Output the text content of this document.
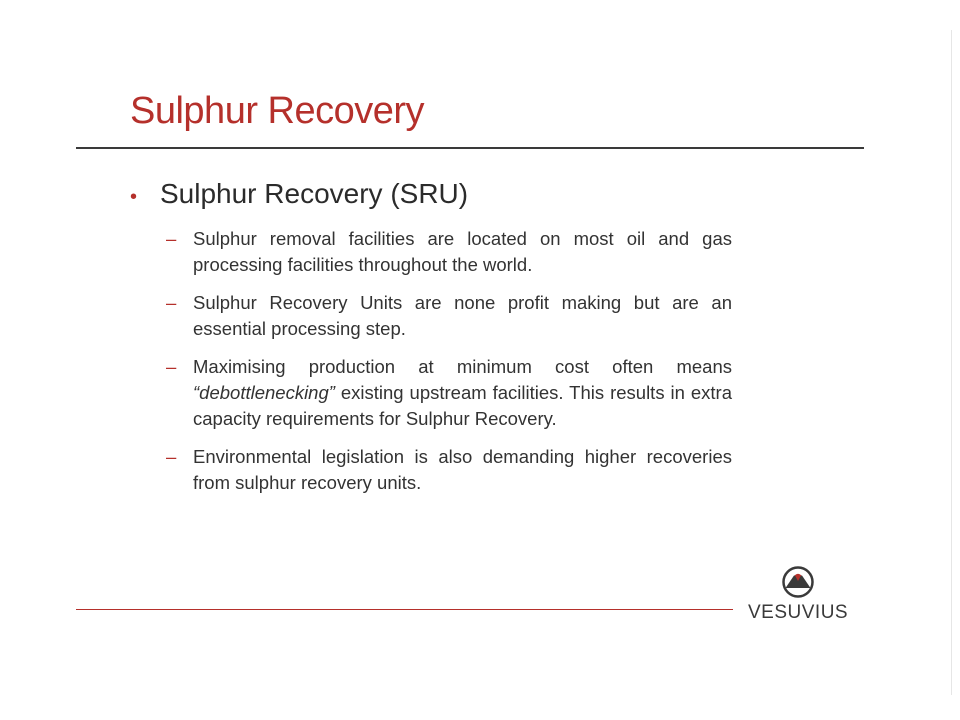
Sulphur Recovery
• Sulphur Recovery (SRU)
– Sulphur removal facilities are located on most oil and gas processing facilities throughout the world.
– Sulphur Recovery Units are none profit making but are an essential processing step.
– Maximising production at minimum cost often means “debottlenecking” existing upstream facilities. This results in extra capacity requirements for Sulphur Recovery.
– Environmental legislation is also demanding higher recoveries from sulphur recovery units.
VESUVIUS
